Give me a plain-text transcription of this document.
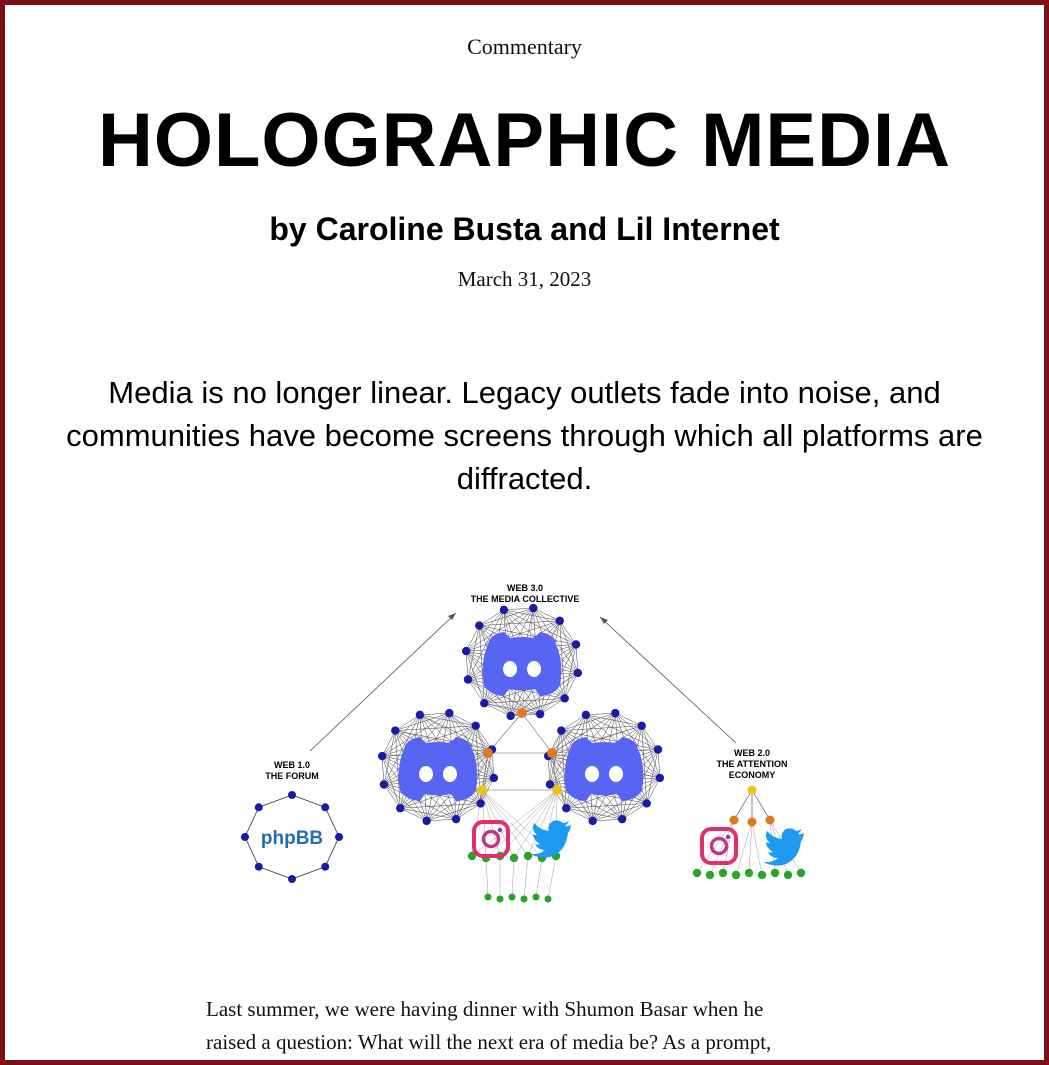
Commentary
HOLOGRAPHIC MEDIA
by Caroline Busta and Lil Internet
March 31, 2023
Media is no longer linear. Legacy outlets fade into noise, and communities have become screens through which all platforms are diffracted.
WEB 3.0
THE MEDIA COLLECTIVE
WEB 1.0
THE FORUM
WEB 2.0
THE ATTENTION
ECONOMY
phpBB
Last summer, we were having dinner with Shumon Basar when he
raised a question: What will the next era of media be? As a prompt,
